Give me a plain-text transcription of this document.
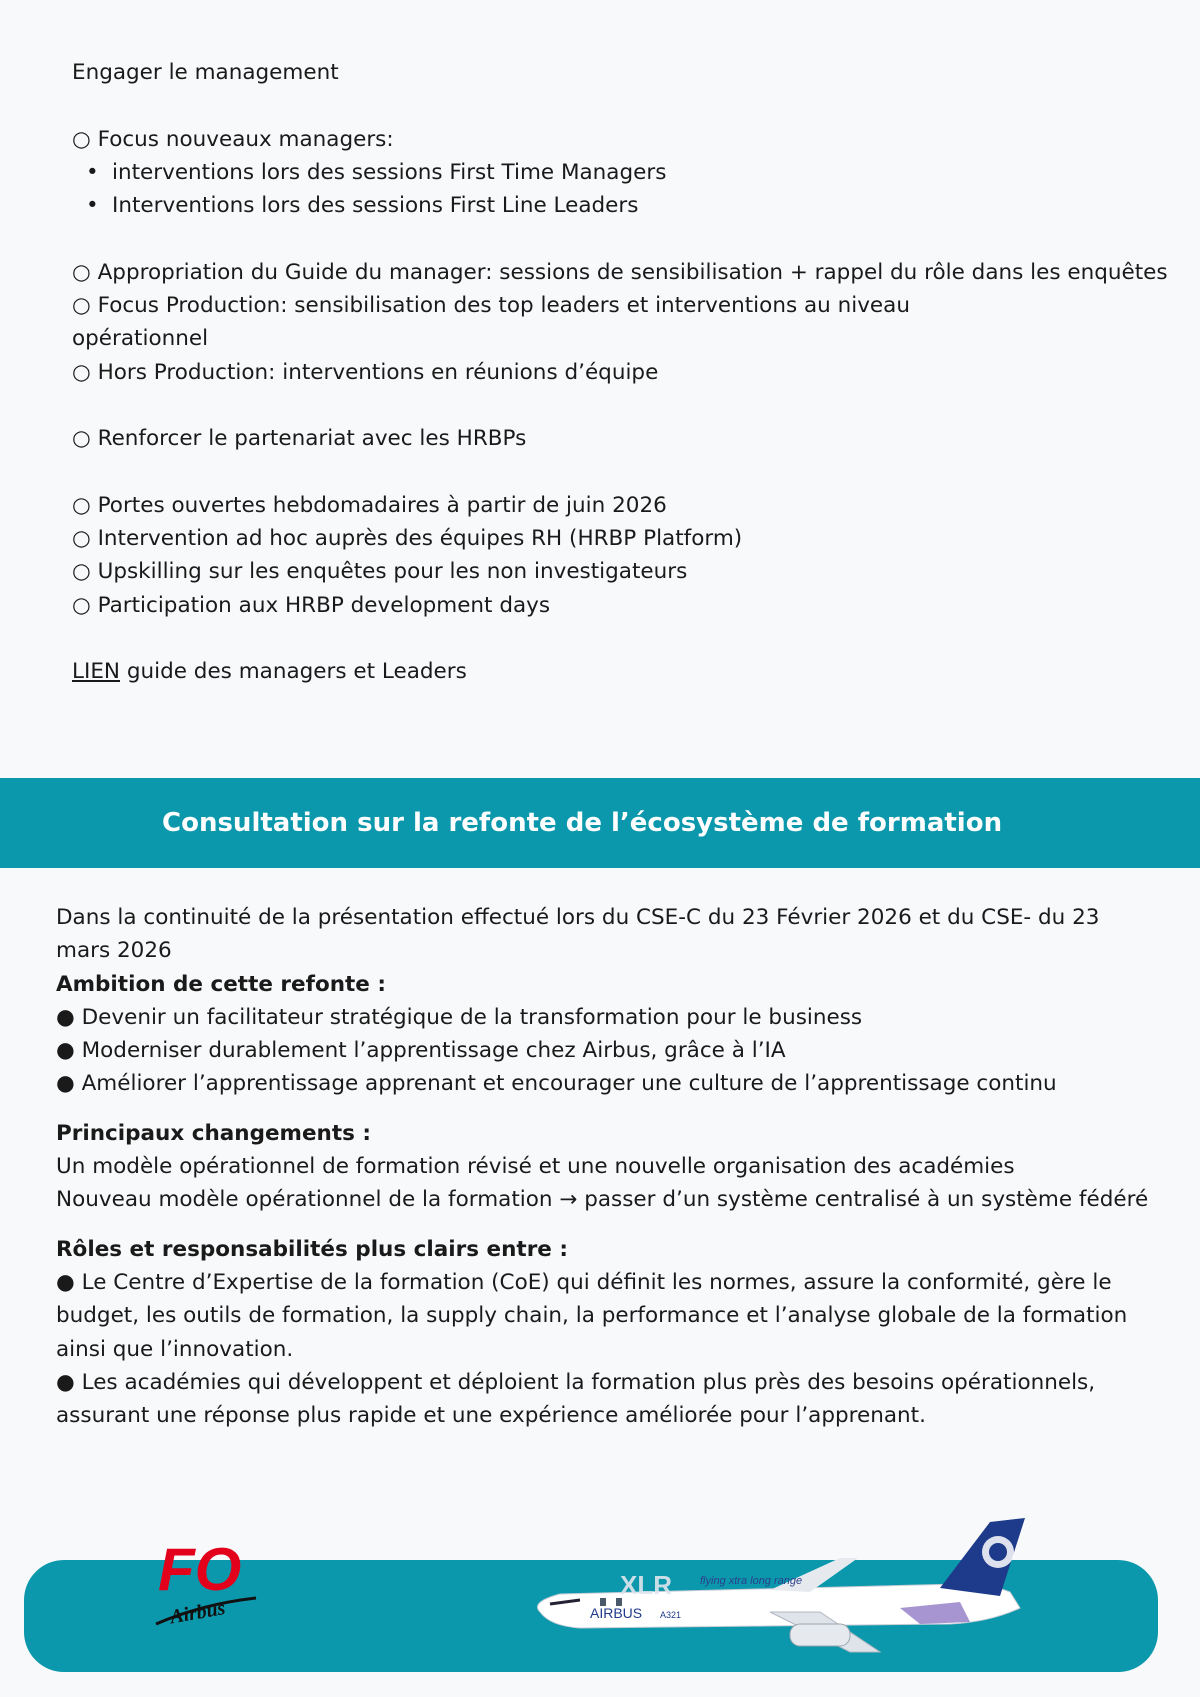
Engager le management
○ Focus nouveaux managers:
• interventions lors des sessions First Time Managers
• Interventions lors des sessions First Line Leaders
○ Appropriation du Guide du manager: sessions de sensibilisation + rappel du rôle dans les enquêtes
○ Focus Production: sensibilisation des top leaders et interventions au niveau
opérationnel
○ Hors Production: interventions en réunions d’équipe
○ Renforcer le partenariat avec les HRBPs
○ Portes ouvertes hebdomadaires à partir de juin 2026
○ Intervention ad hoc auprès des équipes RH (HRBP Platform)
○ Upskilling sur les enquêtes pour les non investigateurs
○ Participation aux HRBP development days
LIEN guide des managers et Leaders
Consultation sur la refonte de l’écosystème de formation
Dans la continuité de la présentation effectué lors du CSE-C du 23 Février 2026 et du CSE- du 23
mars 2026
Ambition de cette refonte :
● Devenir un facilitateur stratégique de la transformation pour le business
● Moderniser durablement l’apprentissage chez Airbus, grâce à l’IA
● Améliorer l’apprentissage apprenant et encourager une culture de l’apprentissage continu
Principaux changements :
Un modèle opérationnel de formation révisé et une nouvelle organisation des académies
Nouveau modèle opérationnel de la formation → passer d’un système centralisé à un système fédéré
Rôles et responsabilités plus clairs entre :
● Le Centre d’Expertise de la formation (CoE) qui définit les normes, assure la conformité, gère le
budget, les outils de formation, la supply chain, la performance et l’analyse globale de la formation
ainsi que l’innovation.
● Les académies qui développent et déploient la formation plus près des besoins opérationnels,
assurant une réponse plus rapide et une expérience améliorée pour l’apprenant.
FO
Airbus
XLR	flying xtra long range
AIRBUS A321
